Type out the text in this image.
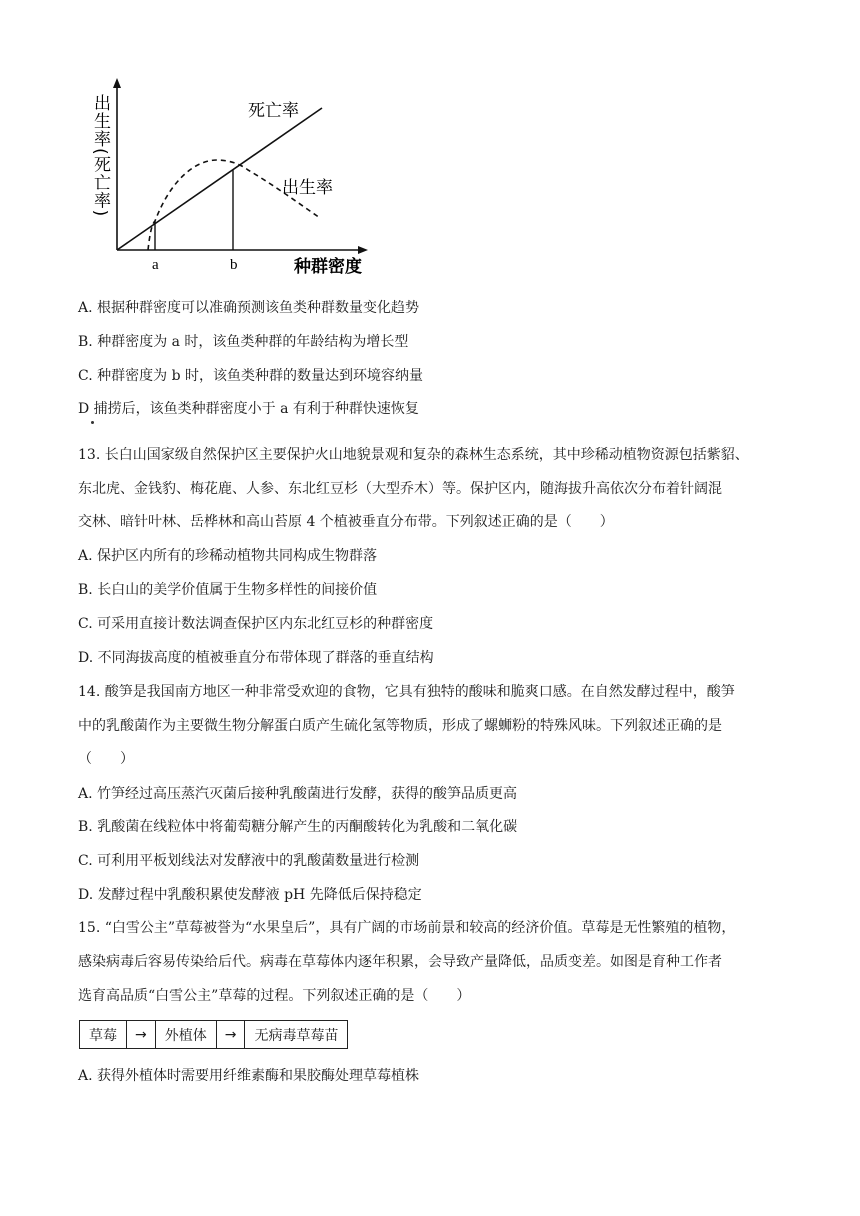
a	b	种群密度
死亡率
出生率
出生率(死亡率)
A. 根据种群密度可以准确预测该鱼类种群数量变化趋势
B. 种群密度为 a 时，该鱼类种群的年龄结构为增长型
C. 种群密度为 b 时，该鱼类种群的数量达到环境容纳量
D 捕捞后，该鱼类种群密度小于 a 有利于种群快速恢复
13. 长白山国家级自然保护区主要保护火山地貌景观和复杂的森林生态系统，其中珍稀动植物资源包括紫貂、
东北虎、金钱豹、梅花鹿、人参、东北红豆杉（大型乔木）等。保护区内，随海拔升高依次分布着针阔混
交林、暗针叶林、岳桦林和高山苔原 4 个植被垂直分布带。下列叙述正确的是（　　）
A. 保护区内所有的珍稀动植物共同构成生物群落
B. 长白山的美学价值属于生物多样性的间接价值
C. 可采用直接计数法调查保护区内东北红豆杉的种群密度
D. 不同海拔高度的植被垂直分布带体现了群落的垂直结构
14. 酸笋是我国南方地区一种非常受欢迎的食物，它具有独特的酸味和脆爽口感。在自然发酵过程中，酸笋
中的乳酸菌作为主要微生物分解蛋白质产生硫化氢等物质，形成了螺蛳粉的特殊风味。下列叙述正确的是
（　　）
A. 竹笋经过高压蒸汽灭菌后接种乳酸菌进行发酵，获得的酸笋品质更高
B. 乳酸菌在线粒体中将葡萄糖分解产生的丙酮酸转化为乳酸和二氧化碳
C. 可利用平板划线法对发酵液中的乳酸菌数量进行检测
D. 发酵过程中乳酸积累使发酵液 pH 先降低后保持稳定
15. “白雪公主”草莓被誉为“水果皇后”，具有广阔的市场前景和较高的经济价值。草莓是无性繁殖的植物，
感染病毒后容易传染给后代。病毒在草莓体内逐年积累，会导致产量降低，品质变差。如图是育种工作者
选育高品质“白雪公主”草莓的过程。下列叙述正确的是（　　）
草莓	→	外植体	→	无病毒草莓苗
A. 获得外植体时需要用纤维素酶和果胶酶处理草莓植株
